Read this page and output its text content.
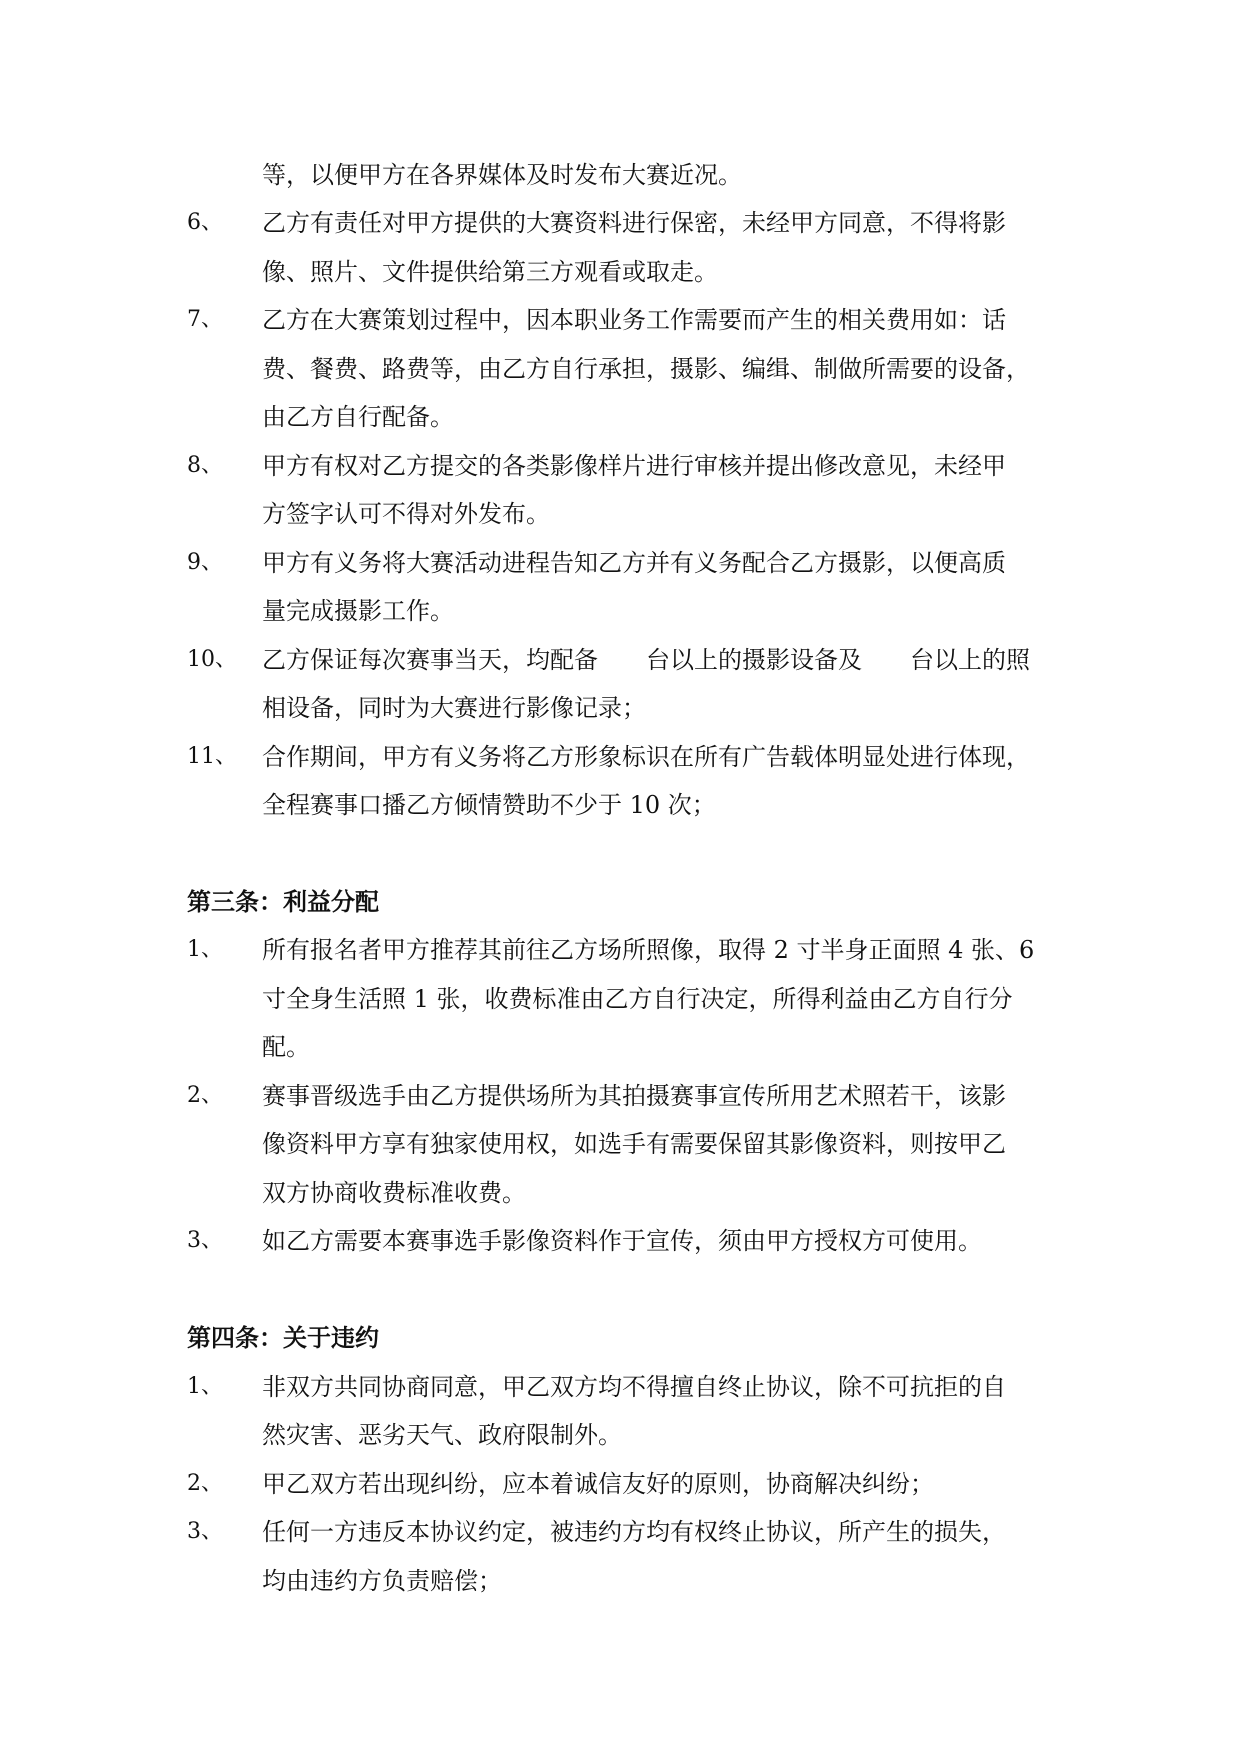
等，以便甲方在各界媒体及时发布大赛近况。
6、 乙方有责任对甲方提供的大赛资料进行保密，未经甲方同意，不得将影
像、照片、文件提供给第三方观看或取走。
7、 乙方在大赛策划过程中，因本职业务工作需要而产生的相关费用如：话
费、餐费、路费等，由乙方自行承担，摄影、编缉、制做所需要的设备，
由乙方自行配备。
8、 甲方有权对乙方提交的各类影像样片进行审核并提出修改意见，未经甲
方签字认可不得对外发布。
9、 甲方有义务将大赛活动进程告知乙方并有义务配合乙方摄影，以便高质
量完成摄影工作。
10、 乙方保证每次赛事当天，均配备　　台以上的摄影设备及　　台以上的照
相设备，同时为大赛进行影像记录；
11、 合作期间，甲方有义务将乙方形象标识在所有广告载体明显处进行体现，
全程赛事口播乙方倾情赞助不少于 10 次；
第三条：利益分配
1、 所有报名者甲方推荐其前往乙方场所照像，取得 2 寸半身正面照 4 张、6
寸全身生活照 1 张，收费标准由乙方自行决定，所得利益由乙方自行分
配。
2、 赛事晋级选手由乙方提供场所为其拍摄赛事宣传所用艺术照若干，该影
像资料甲方享有独家使用权，如选手有需要保留其影像资料，则按甲乙
双方协商收费标准收费。
3、 如乙方需要本赛事选手影像资料作于宣传，须由甲方授权方可使用。
第四条：关于违约
1、 非双方共同协商同意，甲乙双方均不得擅自终止协议，除不可抗拒的自
然灾害、恶劣天气、政府限制外。
2、 甲乙双方若出现纠纷，应本着诚信友好的原则，协商解决纠纷；
3、 任何一方违反本协议约定，被违约方均有权终止协议，所产生的损失，
均由违约方负责赔偿；
